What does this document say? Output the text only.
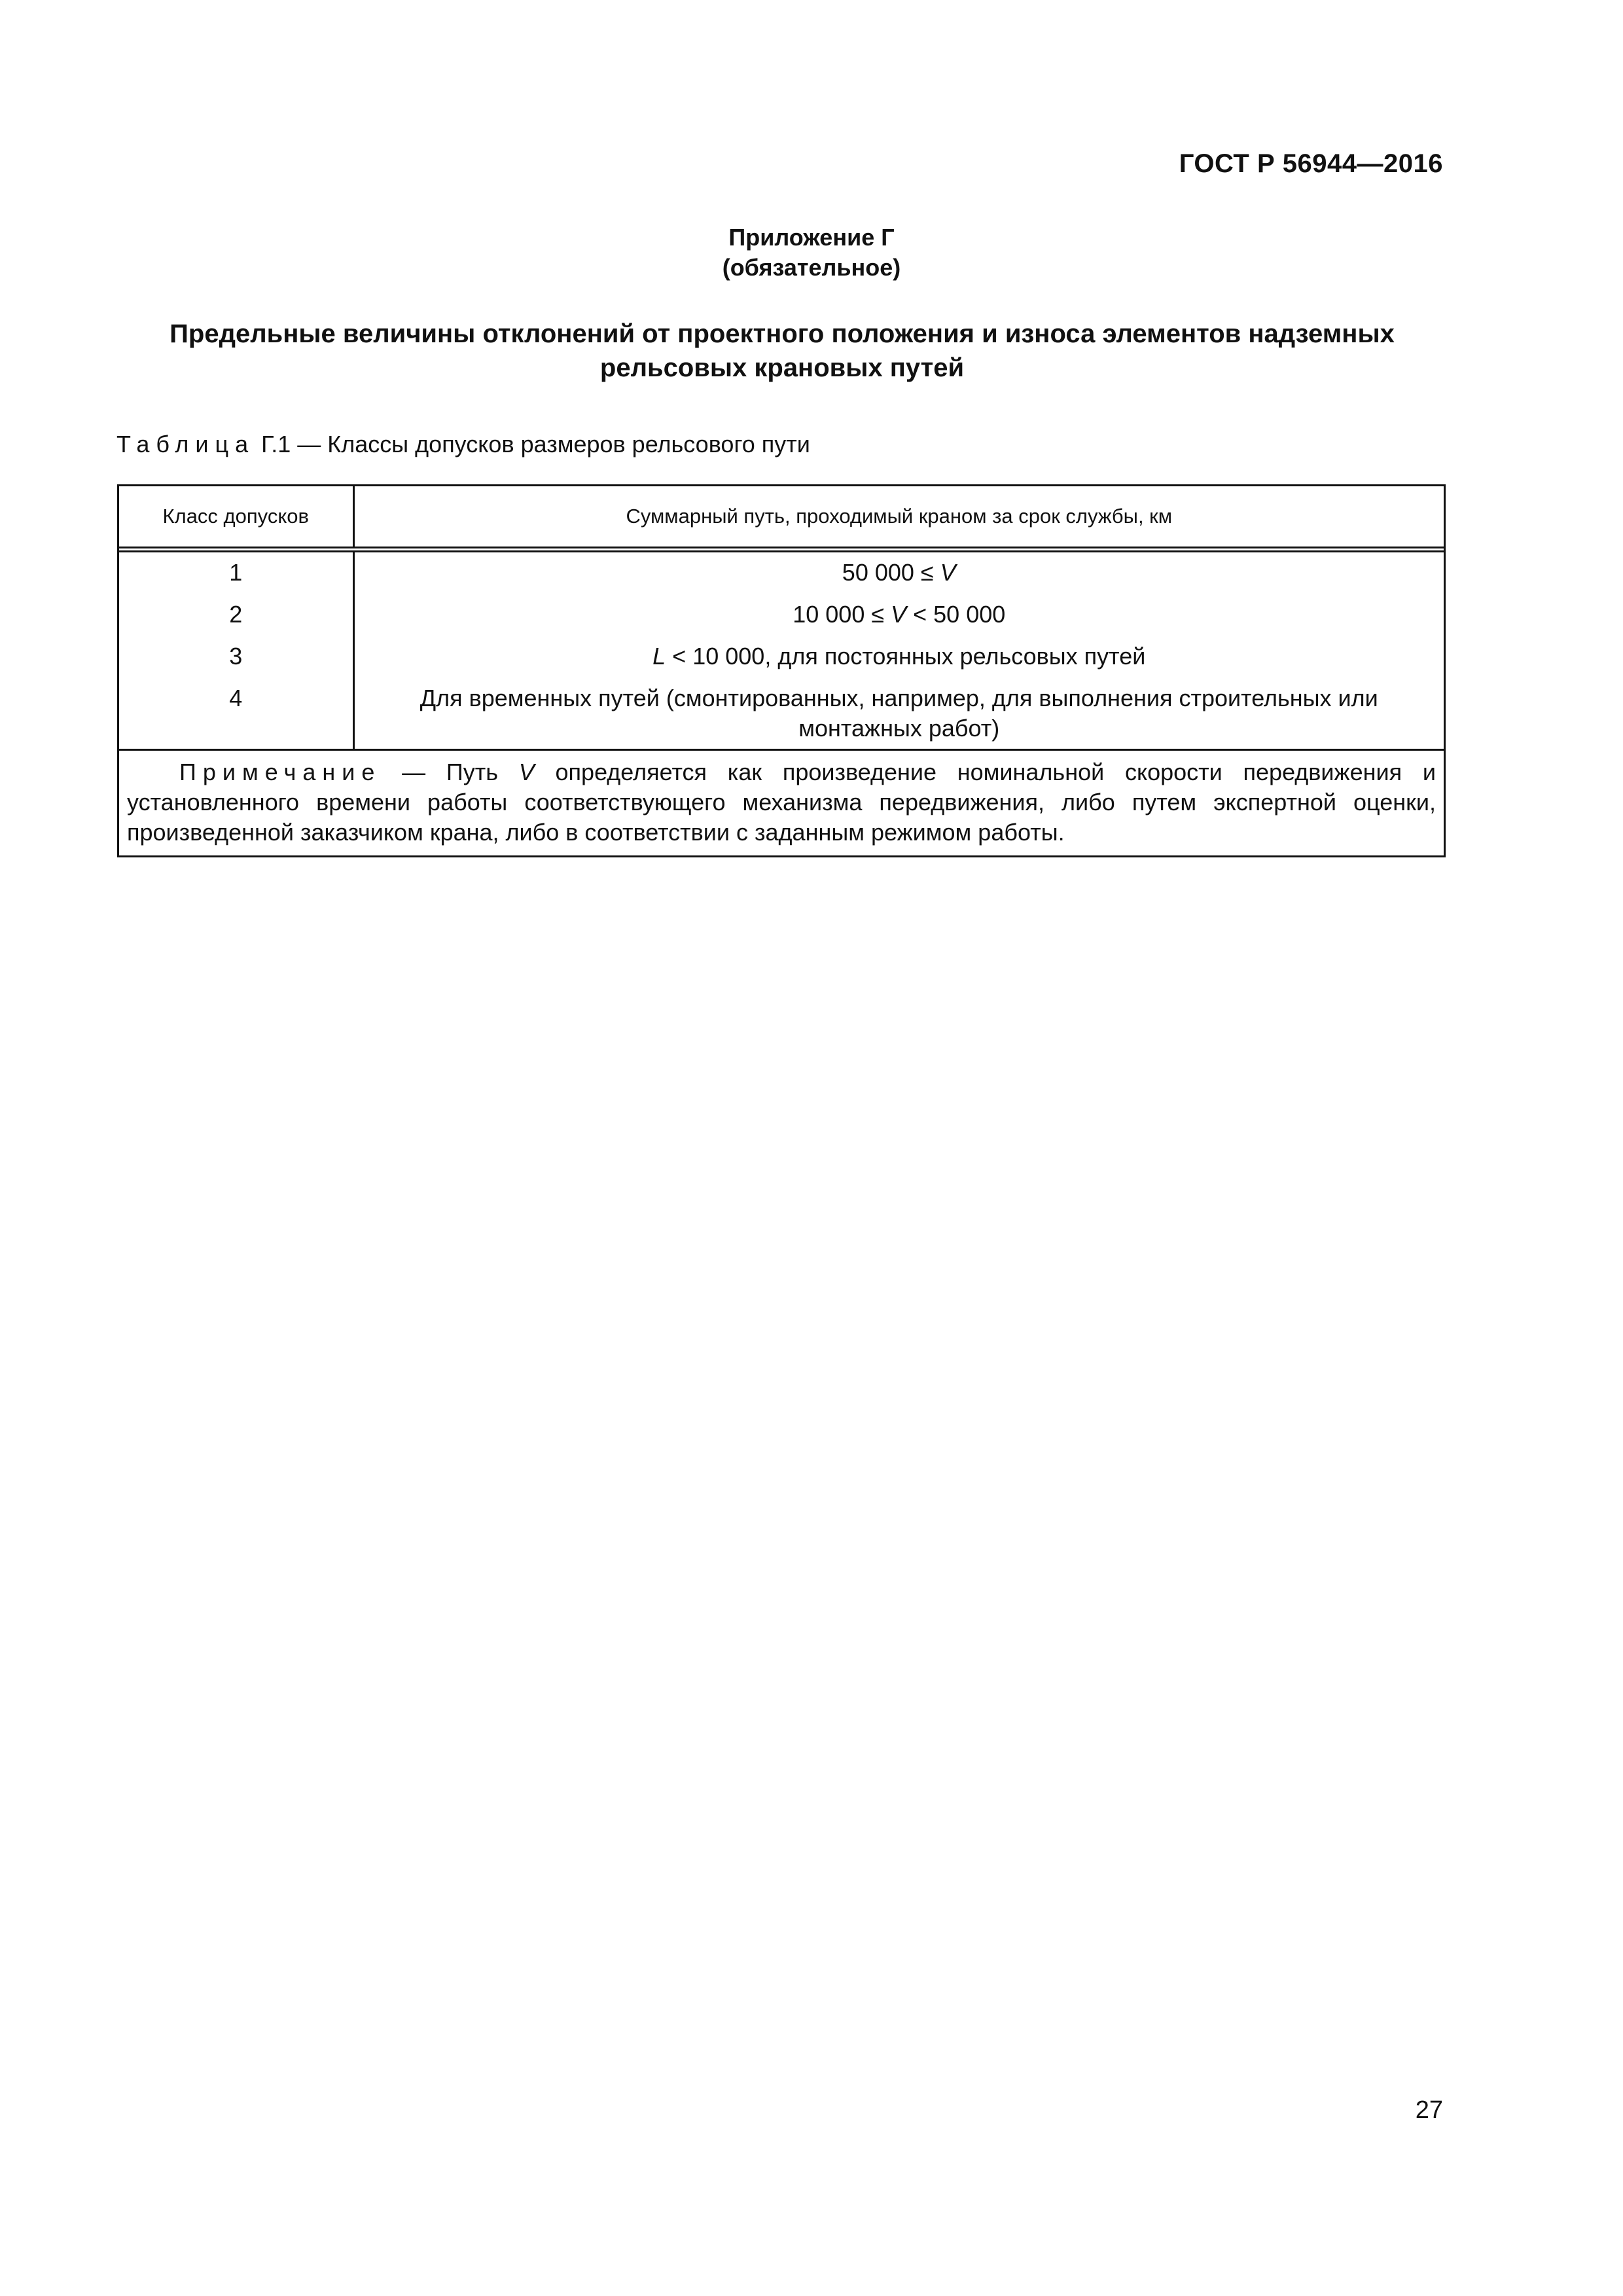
ГОСТ Р 56944—2016
Приложение Г
(обязательное)
Предельные величины отклонений от проектного положения и износа элементов надземных
рельсовых крановых путей
Таблица Г.1 — Классы допусков размеров рельсового пути
Класс допусков	Суммарный путь, проходимый краном за срок службы, км
1	50 000 ≤ V
2	10 000 ≤ V < 50 000
3	L < 10 000, для постоянных рельсовых путей
4	Для временных путей (смонтированных, например, для выполнения строительных или монтажных работ)
Примечание — Путь V определяется как произведение номинальной скорости передвижения и установленного времени работы соответствующего механизма передвижения, либо путем экспертной оценки, произведенной заказчиком крана, либо в соответствии с заданным режимом работы.	
27
